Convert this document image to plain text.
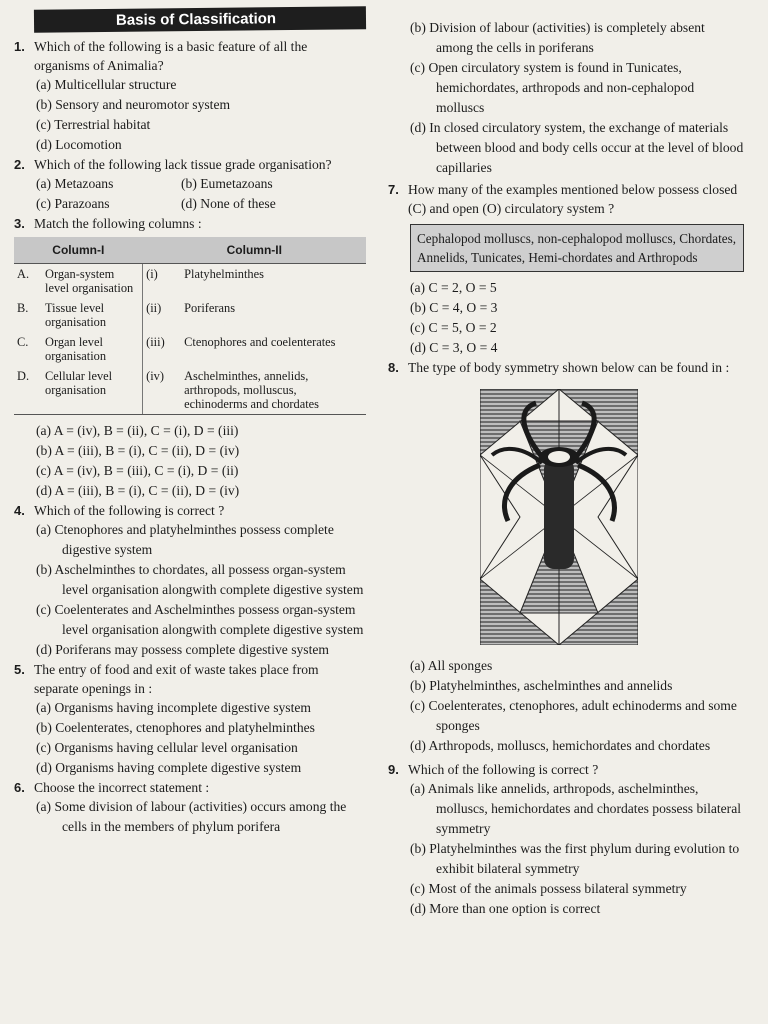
Basis of Classification

1. Which of the following is a basic feature of all the organisms of Animalia?

(a) Multicellular structure
(b) Sensory and neuromotor system
(c) Terrestrial habitat
(d) Locomotion

2. Which of the following lack tissue grade organisation?

(a) Metazoans	(b) Eumetazoans
(c) Parazoans	(d) None of these

3. Match the following columns :

Column-I		Column-II	
A.	Organ-system level organisation	(i)	Platyhelminthes
B.	Tissue level organisation	(ii)	Poriferans
C.	Organ level organisation	(iii)	Ctenophores and coelenterates
D.	Cellular level organisation	(iv)	Aschelminthes, annelids, arthropods, molluscus, echinoderms and chordates
(a) A = (iv), B = (ii), C = (i), D = (iii)
(b) A = (iii), B = (i), C = (ii), D = (iv)
(c) A = (iv), B = (iii), C = (i), D = (ii)
(d) A = (iii), B = (i), C = (ii), D = (iv)

4. Which of the following is correct ?

(a) Ctenophores and platyhelminthes possess complete digestive system
(b) Aschelminthes to chordates, all possess organ-system level organisation alongwith complete digestive system
(c) Coelenterates and Aschelminthes possess organ-system level organisation alongwith complete digestive system
(d) Poriferans may possess complete digestive system

5. The entry of food and exit of waste takes place from separate openings in :

(a) Organisms having incomplete digestive system
(b) Coelenterates, ctenophores and platyhelminthes
(c) Organisms having cellular level organisation
(d) Organisms having complete digestive system

6. Choose the incorrect statement :

(a) Some division of labour (activities) occurs among the cells in the members of phylum porifera
(b) Division of labour (activities) is completely absent among the cells in poriferans
(c) Open circulatory system is found in Tunicates, hemichordates, arthropods and non-cephalopod molluscs
(d) In closed circulatory system, the exchange of materials between blood and body cells occur at the level of blood capillaries

7. How many of the examples mentioned below possess closed (C) and open (O) circulatory system ?

Cephalopod molluscs, non-cephalopod molluscs, Chordates, Annelids, Tunicates, Hemi-chordates and Arthropods
(a) C = 2, O = 5
(b) C = 4, O = 3
(c) C = 5, O = 2
(d) C = 3, O = 4

8. The type of body symmetry shown below can be found in :

(a) All sponges
(b) Platyhelminthes, aschelminthes and annelids
(c) Coelenterates, ctenophores, adult echinoderms and some sponges
(d) Arthropods, molluscs, hemichordates and chordates

9. Which of the following is correct ?

(a) Animals like annelids, arthropods, aschelminthes, molluscs, hemichordates and chordates possess bilateral symmetry
(b) Platyhelminthes was the first phylum during evolution to exhibit bilateral symmetry
(c) Most of the animals possess bilateral symmetry
(d) More than one option is correct
